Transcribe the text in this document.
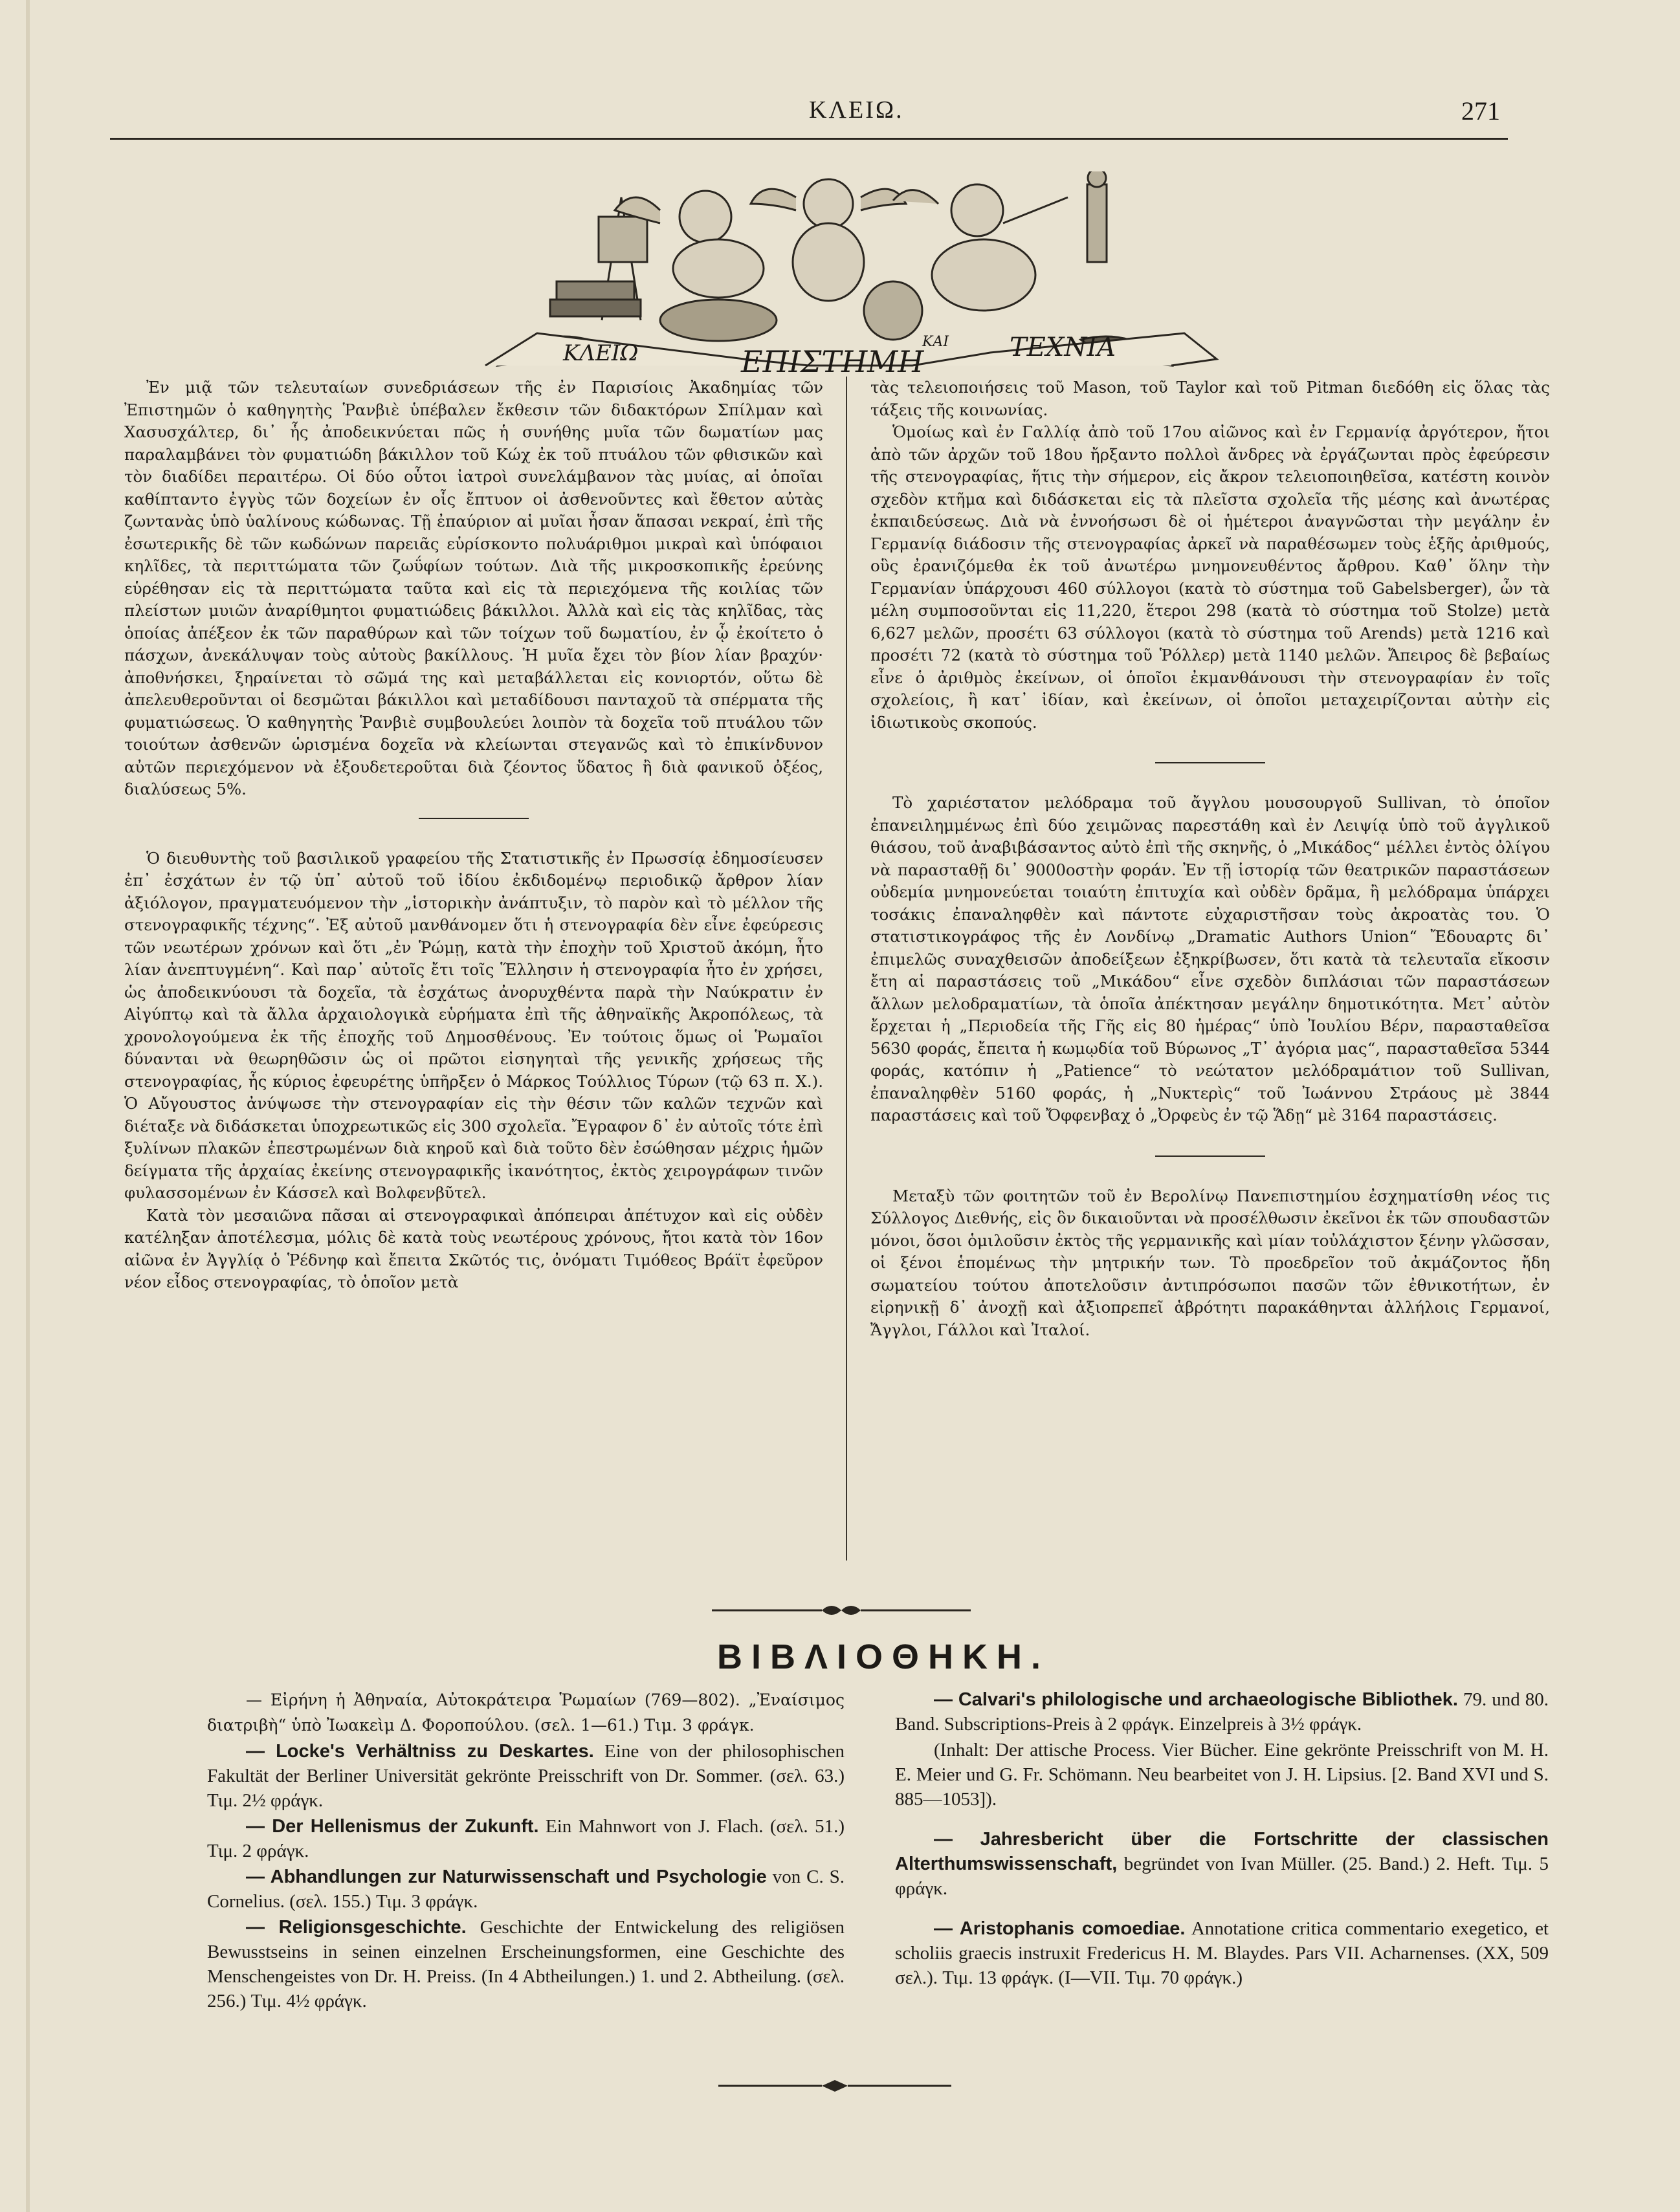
ΚΛΕΙΩ.	271
ΚΛΕΙΩ	ΕΠΙΣΤΗΜΗ
ΚΑΙ ΤΕΧΝΙΑ

Ἐν μιᾷ τῶν τελευταίων συνεδριάσεων τῆς ἐν Παρισίοις Ἀκαδημίας τῶν Ἐπιστημῶν ὁ καθηγητὴς Ῥανβιὲ ὑπέβαλεν ἔκθεσιν τῶν διδακτόρων Σπίλμαν καὶ Χασυσχάλτερ, δι᾽ ἧς ἀποδεικνύεται πῶς ἡ συνήθης μυῖα τῶν δωματίων μας παραλαμβάνει τὸν φυματιώδη βάκιλλον τοῦ Κώχ ἐκ τοῦ πτυάλου τῶν φθισικῶν καὶ τὸν διαδίδει περαιτέρω. Οἱ δύο οὗτοι ἰατροὶ συνελάμβανον τὰς μυίας, αἱ ὁποῖαι καθίπταντο ἐγγὺς τῶν δοχείων ἐν οἷς ἔπτυον οἱ ἀσθενοῦντες καὶ ἔθετον αὐτὰς ζωντανὰς ὑπὸ ὑαλίνους κώδωνας. Τῇ ἐπαύριον αἱ μυῖαι ἦσαν ἅπασαι νεκραί, ἐπὶ τῆς ἐσωτερικῆς δὲ τῶν κωδώνων παρειᾶς εὑρίσκοντο πολυάριθμοι μικραὶ καὶ ὑπόφαιοι κηλῖδες, τὰ περιττώματα τῶν ζωΰφίων τούτων. Διὰ τῆς μικροσκοπικῆς ἐρεύνης εὑρέθησαν εἰς τὰ περιττώματα ταῦτα καὶ εἰς τὰ περιεχόμενα τῆς κοιλίας τῶν πλείστων μυιῶν ἀναρίθμητοι φυματιώδεις βάκιλλοι. Ἀλλὰ καὶ εἰς τὰς κηλῖδας, τὰς ὁποίας ἀπέξεον ἐκ τῶν παραθύρων καὶ τῶν τοίχων τοῦ δωματίου, ἐν ᾧ ἐκοίτετο ὁ πάσχων, ἀνεκάλυψαν τοὺς αὐτοὺς βακίλλους. Ἡ μυῖα ἔχει τὸν βίον λίαν βραχύν· ἀποθνήσκει, ξηραίνεται τὸ σῶμά της καὶ μεταβάλλεται εἰς κονιορτόν, οὕτω δὲ ἀπελευθεροῦνται οἱ δεσμῶται βάκιλλοι καὶ μεταδίδουσι πανταχοῦ τὰ σπέρματα τῆς φυματιώσεως. Ὁ καθηγητὴς Ῥανβιὲ συμβουλεύει λοιπὸν τὰ δοχεῖα τοῦ πτυάλου τῶν τοιούτων ἀσθενῶν ὡρισμένα δοχεῖα νὰ κλείωνται στεγανῶς καὶ τὸ ἐπικίνδυνον αὐτῶν περιεχόμενον νὰ ἐξουδετεροῦται διὰ ζέοντος ὕδατος ἢ διὰ φανικοῦ ὀξέος, διαλύσεως 5%.

Ὁ διευθυντὴς τοῦ βασιλικοῦ γραφείου τῆς Στατιστικῆς ἐν Πρωσσίᾳ ἐδημοσίευσεν ἐπ᾽ ἐσχάτων ἐν τῷ ὑπ᾽ αὐτοῦ τοῦ ἰδίου ἐκδιδομένῳ περιοδικῷ ἄρθρον λίαν ἀξιόλογον, πραγματευόμενον τὴν „ἱστορικὴν ἀνάπτυξιν, τὸ παρὸν καὶ τὸ μέλλον τῆς στενογραφικῆς τέχνης“. Ἐξ αὐτοῦ μανθάνομεν ὅτι ἡ στενογραφία δὲν εἶνε ἐφεύρεσις τῶν νεωτέρων χρόνων καὶ ὅτι „ἐν Ῥώμῃ, κατὰ τὴν ἐποχὴν τοῦ Χριστοῦ ἀκόμη, ἦτο λίαν ἀνεπτυγμένη“. Καὶ παρ᾽ αὐτοῖς ἔτι τοῖς Ἕλλησιν ἡ στενογραφία ἦτο ἐν χρήσει, ὡς ἀποδεικνύουσι τὰ δοχεῖα, τὰ ἐσχάτως ἀνορυχθέντα παρὰ τὴν Ναύκρατιν ἐν Αἰγύπτῳ καὶ τὰ ἄλλα ἀρχαιολογικὰ εὑρήματα ἐπὶ τῆς ἀθηναϊκῆς Ἀκροπόλεως, τὰ χρονολογούμενα ἐκ τῆς ἐποχῆς τοῦ Δημοσθένους. Ἐν τούτοις ὅμως οἱ Ῥωμαῖοι δύνανται νὰ θεωρηθῶσιν ὡς οἱ πρῶτοι εἰσηγηταὶ τῆς γενικῆς χρήσεως τῆς στενογραφίας, ἧς κύριος ἐφευρέτης ὑπῆρξεν ὁ Μάρκος Τούλλιος Τύρων (τῷ 63 π. Χ.). Ὁ Αὔγουστος ἀνύψωσε τὴν στενογραφίαν εἰς τὴν θέσιν τῶν καλῶν τεχνῶν καὶ διέταξε νὰ διδάσκεται ὑποχρεωτικῶς εἰς 300 σχολεῖα. Ἔγραφον δ᾽ ἐν αὐτοῖς τότε ἐπὶ ξυλίνων πλακῶν ἐπεστρωμένων διὰ κηροῦ καὶ διὰ τοῦτο δὲν ἐσώθησαν μέχρις ἡμῶν δείγματα τῆς ἀρχαίας ἐκείνης στενογραφικῆς ἱκανότητος, ἐκτὸς χειρογράφων τινῶν φυλασσομένων ἐν Κάσσελ καὶ Βολφενβῦτελ.

Κατὰ τὸν μεσαιῶνα πᾶσαι αἱ στενογραφικαὶ ἀπόπειραι ἀπέτυχον καὶ εἰς οὐδὲν κατέληξαν ἀποτέλεσμα, μόλις δὲ κατὰ τοὺς νεωτέρους χρόνους, ἤτοι κατὰ τὸν 16ον αἰῶνα ἐν Ἀγγλίᾳ ὁ Ῥέδνηφ καὶ ἔπειτα Σκῶτός τις, ὀνόματι Τιμόθεος Βράϊτ ἐφεῦρον νέον εἶδος στενογραφίας, τὸ ὁποῖον μετὰ

τὰς τελειοποιήσεις τοῦ Mason, τοῦ Taylor καὶ τοῦ Pitman διεδόθη εἰς ὅλας τὰς τάξεις τῆς κοινωνίας.

Ὁμοίως καὶ ἐν Γαλλίᾳ ἀπὸ τοῦ 17ου αἰῶνος καὶ ἐν Γερμανίᾳ ἀργότερον, ἤτοι ἀπὸ τῶν ἀρχῶν τοῦ 18ου ἤρξαντο πολλοὶ ἄνδρες νὰ ἐργάζωνται πρὸς ἐφεύρεσιν τῆς στενογραφίας, ἥτις τὴν σήμερον, εἰς ἄκρον τελειοποιηθεῖσα, κατέστη κοινὸν σχεδὸν κτῆμα καὶ διδάσκεται εἰς τὰ πλεῖστα σχολεῖα τῆς μέσης καὶ ἀνωτέρας ἐκπαιδεύσεως. Διὰ νὰ ἐννοήσωσι δὲ οἱ ἡμέτεροι ἀναγνῶσται τὴν μεγάλην ἐν Γερμανίᾳ διάδοσιν τῆς στενογραφίας ἀρκεῖ νὰ παραθέσωμεν τοὺς ἑξῆς ἀριθμούς, οὓς ἐρανιζόμεθα ἐκ τοῦ ἀνωτέρω μνημονευθέντος ἄρθρου. Καθ᾽ ὅλην τὴν Γερμανίαν ὑπάρχουσι 460 σύλλογοι (κατὰ τὸ σύστημα τοῦ Gabelsberger), ὧν τὰ μέλη συμποσοῦνται εἰς 11,220, ἕτεροι 298 (κατὰ τὸ σύστημα τοῦ Stolze) μετὰ 6,627 μελῶν, προσέτι 63 σύλλογοι (κατὰ τὸ σύστημα τοῦ Arends) μετὰ 1216 καὶ προσέτι 72 (κατὰ τὸ σύστημα τοῦ Ῥόλλερ) μετὰ 1140 μελῶν. Ἄπειρος δὲ βεβαίως εἶνε ὁ ἀριθμὸς ἐκείνων, οἱ ὁποῖοι ἐκμανθάνουσι τὴν στενογραφίαν ἐν τοῖς σχολείοις, ἢ κατ᾽ ἰδίαν, καὶ ἐκείνων, οἱ ὁποῖοι μεταχειρίζονται αὐτὴν εἰς ἰδιωτικοὺς σκοπούς.

Τὸ χαριέστατον μελόδραμα τοῦ ἄγγλου μουσουργοῦ Sullivan, τὸ ὁποῖον ἐπανειλημμένως ἐπὶ δύο χειμῶνας παρεστάθη καὶ ἐν Λειψίᾳ ὑπὸ τοῦ ἀγγλικοῦ θιάσου, τοῦ ἀναβιβάσαντος αὐτὸ ἐπὶ τῆς σκηνῆς, ὁ „Μικάδος“ μέλλει ἐντὸς ὀλίγου νὰ παρασταθῇ δι᾽ 9000οστὴν φοράν. Ἐν τῇ ἱστορίᾳ τῶν θεατρικῶν παραστάσεων οὐδεμία μνημονεύεται τοιαύτη ἐπιτυχία καὶ οὐδὲν δρᾶμα, ἢ μελόδραμα ὑπάρχει τοσάκις ἐπαναληφθὲν καὶ πάντοτε εὐχαριστῆσαν τοὺς ἀκροατὰς του. Ὁ στατιστικογράφος τῆς ἐν Λονδίνῳ „Dramatic Authors Union“ Ἔδουαρτς δι᾽ ἐπιμελῶς συναχθεισῶν ἀποδείξεων ἐξηκρίβωσεν, ὅτι κατὰ τὰ τελευταῖα εἴκοσιν ἔτη αἱ παραστάσεις τοῦ „Μικάδου“ εἶνε σχεδὸν διπλάσιαι τῶν παραστάσεων ἄλλων μελοδραματίων, τὰ ὁποῖα ἀπέκτησαν μεγάλην δημοτικότητα. Μετ᾽ αὐτὸν ἔρχεται ἡ „Περιοδεία τῆς Γῆς εἰς 80 ἡμέρας“ ὑπὸ Ἰουλίου Βέρν, παρασταθεῖσα 5630 φοράς, ἔπειτα ἡ κωμῳδία τοῦ Βύρωνος „Τ᾽ ἀγόρια μας“, παρασταθεῖσα 5344 φοράς, κατόπιν ἡ „Patience“ τὸ νεώτατον μελόδραμάτιον τοῦ Sullivan, ἐπαναληφθὲν 5160 φοράς, ἡ „Νυκτερὶς“ τοῦ Ἰωάννου Στράους μὲ 3844 παραστάσεις καὶ τοῦ Ὄφφενβαχ ὁ „Ὀρφεὺς ἐν τῷ Ἅδῃ“ μὲ 3164 παραστάσεις.

Μεταξὺ τῶν φοιτητῶν τοῦ ἐν Βερολίνῳ Πανεπιστημίου ἐσχηματίσθη νέος τις Σύλλογος Διεθνής, εἰς ὃν δικαιοῦνται νὰ προσέλθωσιν ἐκεῖνοι ἐκ τῶν σπουδαστῶν μόνοι, ὅσοι ὁμιλοῦσιν ἐκτὸς τῆς γερμανικῆς καὶ μίαν τοὐλάχιστον ξένην γλῶσσαν, οἱ ξένοι ἑπομένως τὴν μητρικήν των. Τὸ προεδρεῖον τοῦ ἀκμάζοντος ἤδη σωματείου τούτου ἀποτελοῦσιν ἀντιπρόσωποι πασῶν τῶν ἐθνικοτήτων, ἐν εἰρηνικῇ δ᾽ ἀνοχῇ καὶ ἀξιοπρεπεῖ ἁβρότητι παρακάθηνται ἀλλήλοις Γερμανοί, Ἄγγλοι, Γάλλοι καὶ Ἰταλοί.

ΒΙΒΛΙΟΘΗΚΗ.

— Εἰρήνη ἡ Ἀθηναία, Αὐτοκράτειρα Ῥωμαίων (769—802). „Ἐναίσιμος διατριβὴ“ ὑπὸ Ἰωακεὶμ Δ. Φοροπούλου. (σελ. 1—61.) Τιμ. 3 φράγκ.

— Locke's Verhältniss zu Deskartes. Eine von der philosophischen Fakultät der Berliner Universität gekrönte Preisschrift von Dr. Sommer. (σελ. 63.) Τιμ. 2½ φράγκ.

— Der Hellenismus der Zukunft. Ein Mahnwort von J. Flach. (σελ. 51.) Τιμ. 2 φράγκ.

— Abhandlungen zur Naturwissenschaft und Psychologie von C. S. Cornelius. (σελ. 155.) Τιμ. 3 φράγκ.

— Religionsgeschichte. Geschichte der Entwickelung des religiösen Bewusstseins in seinen einzelnen Erscheinungsformen, eine Geschichte des Menschengeistes von Dr. H. Preiss. (In 4 Abtheilungen.) 1. und 2. Abtheilung. (σελ. 256.) Τιμ. 4½ φράγκ.

— Calvari's philologische und archaeologische Bibliothek. 79. und 80. Band. Subscriptions-Preis à 2 φράγκ. Einzelpreis à 3½ φράγκ.

(Inhalt: Der attische Process. Vier Bücher. Eine gekrönte Preisschrift von M. H. E. Meier und G. Fr. Schömann. Neu bearbeitet von J. H. Lipsius. [2. Band XVI und S. 885—1053]).

— Jahresbericht über die Fortschritte der classischen Alterthumswissenschaft, begründet von Ivan Müller. (25. Band.) 2. Heft. Τιμ. 5 φράγκ.

— Aristophanis comoediae. Annotatione critica commentario exegetico, et scholiis graecis instruxit Fredericus H. M. Blaydes. Pars VII. Acharnenses. (XX, 509 σελ.). Τιμ. 13 φράγκ. (I—VII. Τιμ. 70 φράγκ.)
